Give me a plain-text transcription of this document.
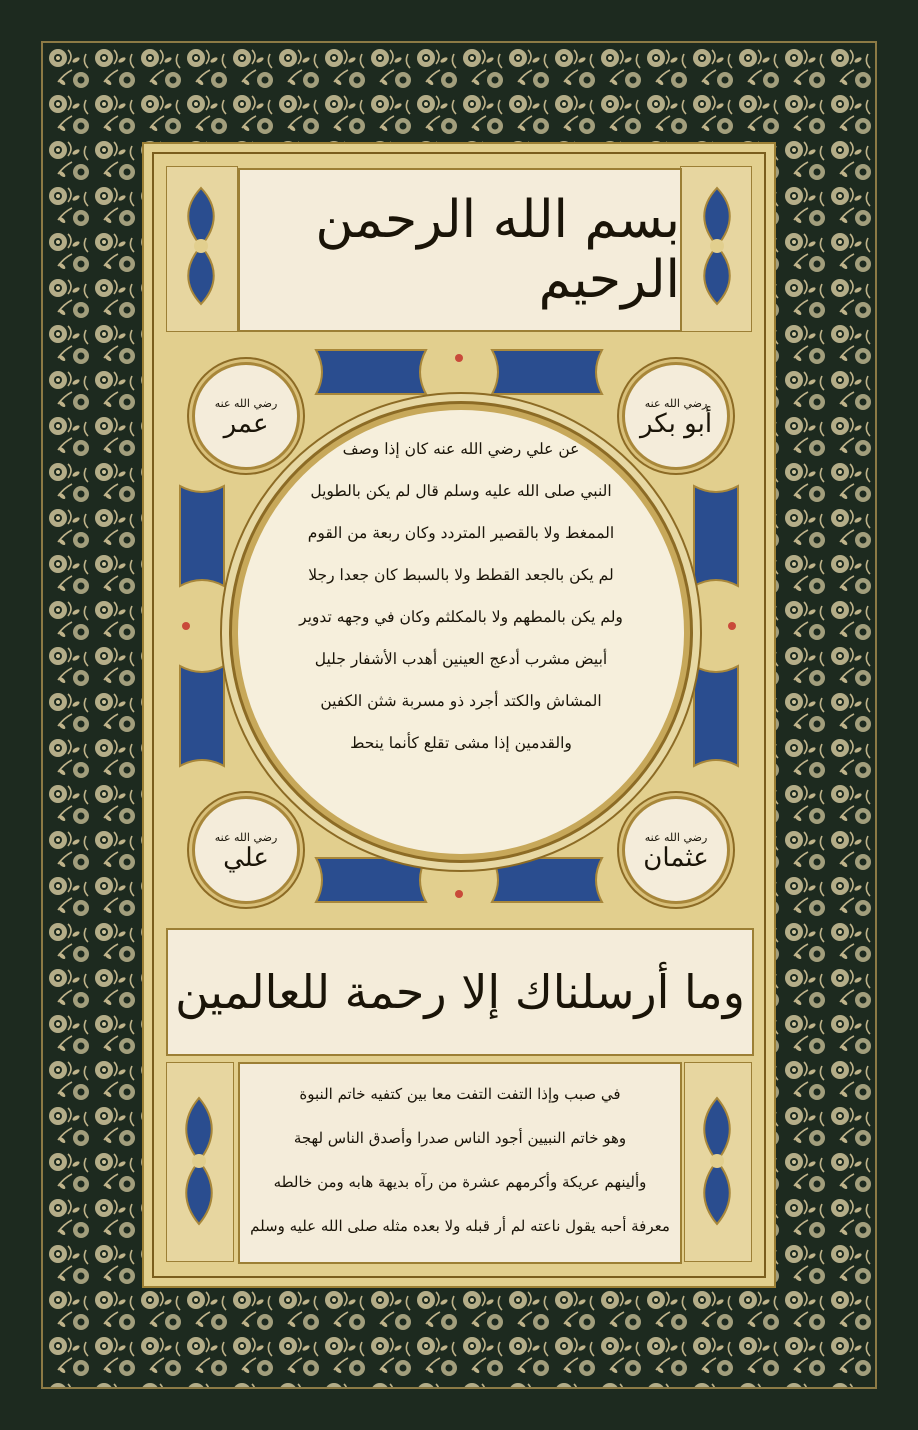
بسم الله الرحمن الرحيم
عن علي رضي الله عنه كان إذا وصف
النبي صلى الله عليه وسلم قال لم يكن بالطويل
الممغط ولا بالقصير المتردد وكان ربعة من القوم
لم يكن بالجعد القطط ولا بالسبط كان جعدا رجلا
ولم يكن بالمطهم ولا بالمكلثم وكان في وجهه تدوير
أبيض مشرب أدعج العينين أهدب الأشفار جليل
المشاش والكتد أجرد ذو مسربة شثن الكفين
والقدمين إذا مشى تقلع كأنما ينحط
رضي الله عنه
أبو بكر
رضي الله عنه
عمر
رضي الله عنه
عثمان
رضي الله عنه
علي
وما أرسلناك إلا رحمة للعالمين
في صبب وإذا التفت التفت معا بين كتفيه خاتم النبوة
وهو خاتم النبيين أجود الناس صدرا وأصدق الناس لهجة
وألينهم عريكة وأكرمهم عشرة من رآه بديهة هابه ومن خالطه
معرفة أحبه يقول ناعته لم أر قبله ولا بعده مثله صلى الله عليه وسلم
